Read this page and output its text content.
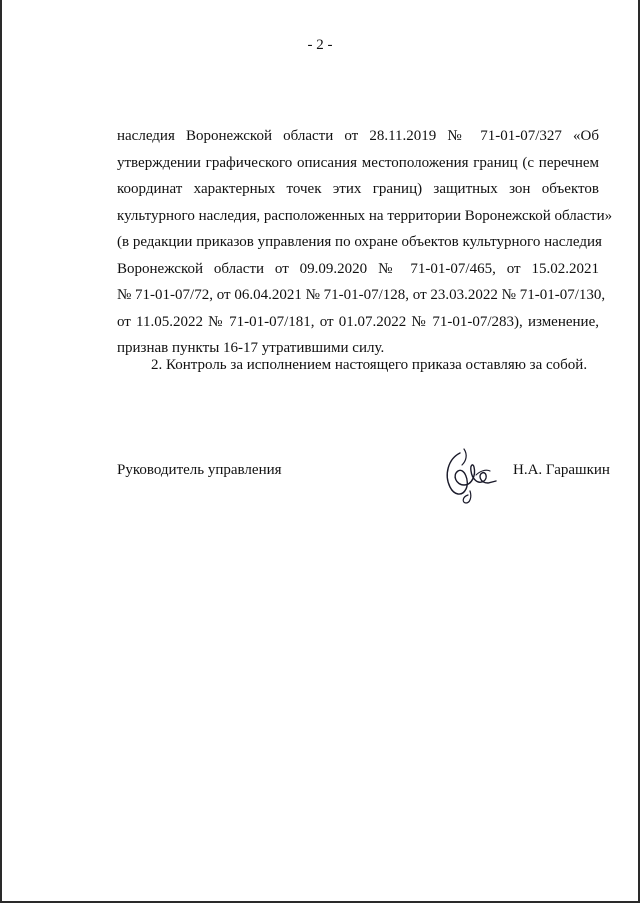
- 2 -
наследия Воронежской области от 28.11.2019 № 71-01-07/327 «Об
утверждении графического описания местоположения границ (с перечнем
координат характерных точек этих границ) защитных зон объектов
культурного наследия, расположенных на территории Воронежской области»
(в редакции приказов управления по охране объектов культурного наследия
Воронежской области от 09.09.2020 № 71-01-07/465, от 15.02.2021
№ 71-01-07/72, от 06.04.2021 № 71-01-07/128, от 23.03.2022 № 71-01-07/130,
от 11.05.2022 № 71-01-07/181, от 01.07.2022 № 71-01-07/283), изменение,
признав пункты 16-17 утратившими силу.
2. Контроль за исполнением настоящего приказа оставляю за собой.
Руководитель управления	Н.А. Гарашкин
